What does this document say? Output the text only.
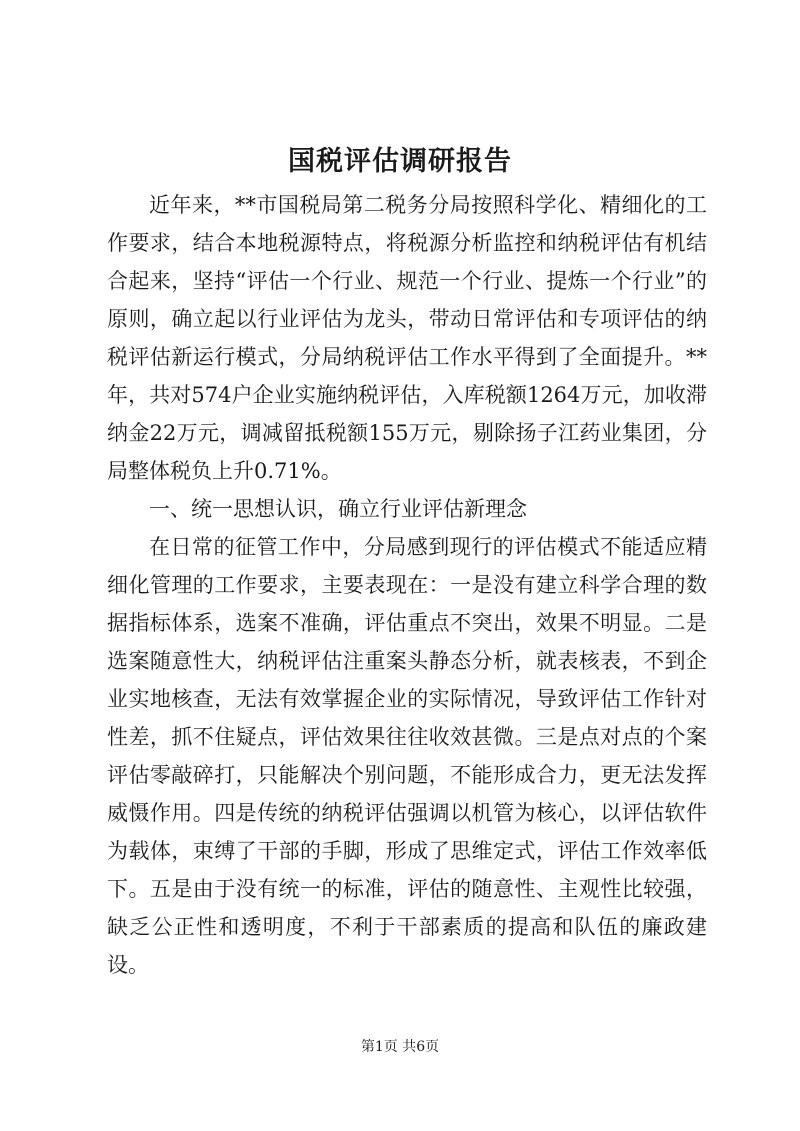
国税评估调研报告

近年来，**市国税局第二税务分局按照科学化、精细化的工作要求，结合本地税源特点，将税源分析监控和纳税评估有机结合起来，坚持“评估一个行业、规范一个行业、提炼一个行业”的原则，确立起以行业评估为龙头，带动日常评估和专项评估的纳税评估新运行模式，分局纳税评估工作水平得到了全面提升。**年，共对574户企业实施纳税评估，入库税额1264万元，加收滞纳金22万元，调减留抵税额155万元，剔除扬子江药业集团，分局整体税负上升0.71%。

一、统一思想认识，确立行业评估新理念

在日常的征管工作中，分局感到现行的评估模式不能适应精细化管理的工作要求，主要表现在：一是没有建立科学合理的数据指标体系，选案不准确，评估重点不突出，效果不明显。二是选案随意性大，纳税评估注重案头静态分析，就表核表，不到企业实地核查，无法有效掌握企业的实际情况，导致评估工作针对性差，抓不住疑点，评估效果往往收效甚微。三是点对点的个案评估零敲碎打，只能解决个别问题，不能形成合力，更无法发挥威慑作用。四是传统的纳税评估强调以机管为核心，以评估软件为载体，束缚了干部的手脚，形成了思维定式，评估工作效率低下。五是由于没有统一的标准，评估的随意性、主观性比较强，缺乏公正性和透明度，不利于干部素质的提高和队伍的廉政建设。

第1页 共6页
